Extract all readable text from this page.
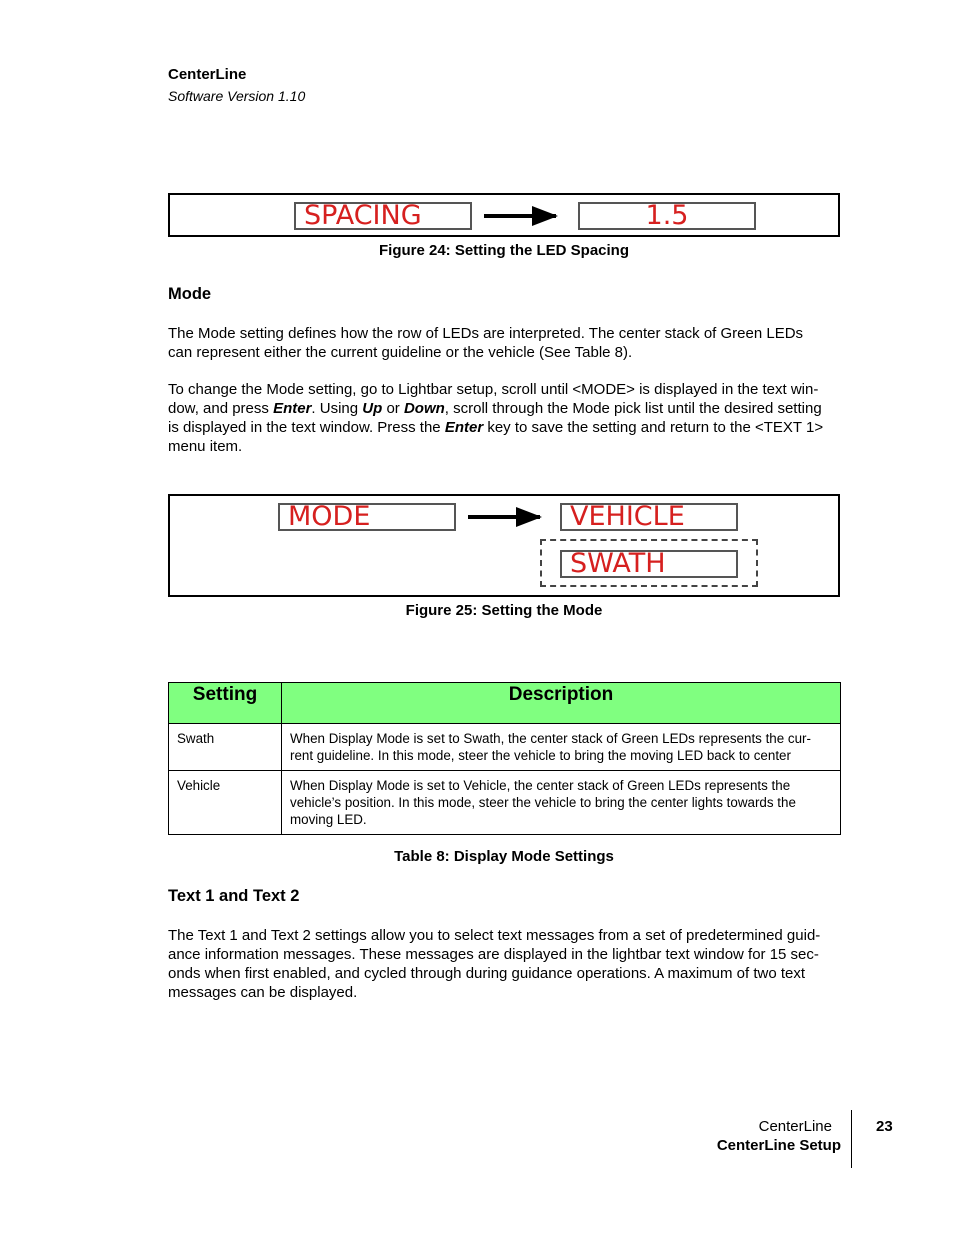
CenterLine
Software Version 1.10
SPACING	1.5
Figure 24: Setting the LED Spacing
Mode
The Mode setting defines how the row of LEDs are interpreted. The center stack of Green LEDs
can represent either the current guideline or the vehicle (See Table 8).
To change the Mode setting, go to Lightbar setup, scroll until <MODE> is displayed in the text win-
dow, and press Enter. Using Up or Down, scroll through the Mode pick list until the desired setting
is displayed in the text window. Press the Enter key to save the setting and return to the <TEXT 1>
menu item.
MODE	VEHICLE
SWATH
Figure 25: Setting the Mode
Setting	Description
Swath	When Display Mode is set to Swath, the center stack of Green LEDs represents the cur-
rent guideline. In this mode, steer the vehicle to bring the moving LED back to center

Vehicle	When Display Mode is set to Vehicle, the center stack of Green LEDs represents the
vehicle’s position. In this mode, steer the vehicle to bring the center lights towards the
moving LED.
Table 8: Display Mode Settings
Text 1 and Text 2
The Text 1 and Text 2 settings allow you to select text messages from a set of predetermined guid-
ance information messages. These messages are displayed in the lightbar text window for 15 sec-
onds when first enabled, and cycled through during guidance operations. A maximum of two text
messages can be displayed.
CenterLine
CenterLine Setup
23
